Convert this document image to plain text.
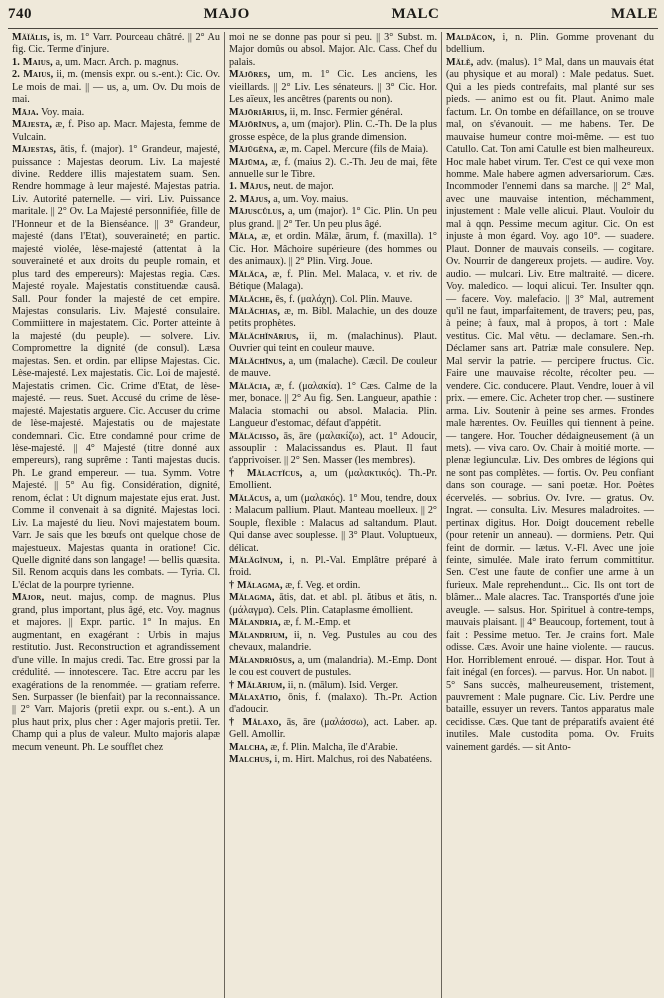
740	MAJO	MALC	MALE

Măĭălis, is, m. 1° Varr. Pourceau châtré. || 2° Au fig. Cic. Terme d'injure.

1. Maius, a, um. Macr. Arch. p. magnus.

2. Maius, ii, m. (mensis expr. ou s.-ent.): Cic. Ov. Le mois de mai. || — us, a, um. Ov. Du mois de mai.

Māja. Voy. maia.

Mājesta, æ, f. Piso ap. Macr. Majesta, femme de Vulcain.

Mājestas, ātis, f. (major). 1° Grandeur, majesté, puissance : Majestas deorum. Liv. La majesté divine. Reddere illis majestatem suam. Sen. Rendre hommage à leur majesté. Majestas patria. Liv. Autorité paternelle. — viri. Liv. Puissance maritale. || 2° Ov. La Majesté personnifiée, fille de l'Honneur et de la Bienséance. || 3° Grandeur, majesté (dans l'Etat), souveraineté; en partic. majesté violée, lèse-majesté (attentat à la souveraineté et aux droits du peuple romain, et plus tard des empereurs): Majestas regia. Cæs. Majesté royale. Majestatis constituendæ causâ. Sall. Pour fonder la majesté de cet empire. Majestas consularis. Liv. Majesté consulaire. Commiittere in majestatem. Cic. Porter atteinte à la majesté (du peuple). — solvere. Liv. Compromettre la dignité (de consul). Læsa majestas. Sen. et ordin. par ellipse Majestas. Cic. Lèse-majesté. Lex majestatis. Cic. Loi de majesté. Majestatis crimen. Cic. Crime d'Etat, de lèse-majesté. — reus. Suet. Accusé du crime de lèse-majesté. Majestatis arguere. Cic. Accuser du crime de lèse-majesté. Majestatis ou de majestate condemnari. Cic. Etre condamné pour crime de lèse-majesté. || 4° Majesté (titre donné aux empereurs), rang suprême : Tanti majestas ducis. Ph. Le grand empereur. — tua. Symm. Votre Majesté. || 5° Au fig. Considération, dignité, renom, éclat : Ut dignum majestate ejus erat. Just. Comme il convenait à sa dignité. Majestas loci. Liv. La majesté du lieu. Novi majestatem boum. Varr. Je sais que les bœufs ont quelque chose de majestueux. Majestas quanta in oratione! Cic. Quelle dignité dans son langage! — bellis quæsita. Sil. Renom acquis dans les combats. — Tyria. Cl. L'éclat de la pourpre tyrienne.

Mājor, neut. majus, comp. de magnus. Plus grand, plus important, plus âgé, etc. Voy. magnus et majores. || Expr. partic. 1° In majus. En augmentant, en exagérant : Urbis in majus restitutio. Just. Reconstruction et agrandissement d'une ville. In majus credi. Tac. Etre grossi par la crédulité. — innotescere. Tac. Etre accru par les exagérations de la renommée. — gratiam referre. Sen. Surpasser (le bienfait) par la reconnaissance. || 2° Varr. Majoris (pretii expr. ou s.-ent.). A un plus haut prix, plus cher : Ager majoris pretii. Ter. Champ qui a plus de valeur. Multo majoris alapæ mecum veneunt. Ph. Le soufflet chez

moi ne se donne pas pour si peu. || 3° Subst. m. Major domûs ou absol. Major. Alc. Cass. Chef du palais.

Mājōres, um, m. 1° Cic. Les anciens, les vieillards. || 2° Liv. Les sénateurs. || 3° Cic. Hor. Les aïeux, les ancêtres (parents ou non).

Mājōriārius, ii, m. Insc. Fermier général.

Mājōrīnus, a, um (major). Plin. C.-Th. De la plus grosse espèce, de la plus grande dimension.

Mājūgēna, æ, m. Capel. Mercure (fils de Maia).

Mājūma, æ, f. (maius 2). C.-Th. Jeu de mai, fête annuelle sur le Tibre.

1. Mājus, neut. de major.

2. Mājus, a, um. Voy. maius.

Mājuscŭlus, a, um (major). 1° Cic. Plin. Un peu plus grand. || 2° Ter. Un peu plus âgé.

Măla, æ, et ordin. Mālæ, ārum, f. (maxilla). 1° Cic. Hor. Mâchoire supérieure (des hommes ou des animaux). || 2° Plin. Virg. Joue.

Mălăca, æ, f. Plin. Mel. Malaca, v. et riv. de Bétique (Malaga).

Mălăche, ēs, f. (μαλάχη). Col. Plin. Mauve.

Mălăchias, æ, m. Bibl. Malachie, un des douze petits prophètes.

Mălăchĭnārius, ii, m. (malachinus). Plaut. Ouvrier qui teint en couleur mauve.

Mălăchīnus, a, um (malache). Cæcil. De couleur de mauve.

Mălăcia, æ, f. (μαλακία). 1° Cæs. Calme de la mer, bonace. || 2° Au fig. Sen. Langueur, apathie : Malacia stomachi ou absol. Malacia. Plin. Langueur d'estomac, défaut d'appétit.

Mălăcisso, ās, āre (μαλακίζω), act. 1° Adoucir, assouplir : Malacissandus es. Plaut. Il faut t'apprivoiser. || 2° Sen. Masser (les membres).

† Mălactĭcus, a, um (μαλακτικός). Th.-Pr. Emollient.

Mălăcus, a, um (μαλακός). 1° Mou, tendre, doux : Malacum pallium. Plaut. Manteau moelleux. || 2° Souple, flexible : Malacus ad saltandum. Plaut. Qui danse avec souplesse. || 3° Plaut. Voluptueux, délicat.

Mălăgĭnum, i, n. Pl.-Val. Emplâtre préparé à froid.

† Mălagma, æ, f. Veg. et ordin.

Mălagma, ātis, dat. et abl. pl. ătibus et ātis, n. (μάλαγμα). Cels. Plin. Cataplasme émollient.

Mălandria, æ, f. M.-Emp. et

Mălandrium, ii, n. Veg. Pustules au cou des chevaux, malandrie.

Mălandriōsus, a, um (malandria). M.-Emp. Dont le cou est couvert de pustules.

† Mălārium, ii, n. (mālum). Isid. Verger.

Mălaxātio, ōnis, f. (malaxo). Th.-Pr. Action d'adoucir.

† Mălaxo, ās, āre (μαλάσσω), act. Laber. ap. Gell. Amollir.

Malcha, æ, f. Plin. Malcha, île d'Arabie.

Malchus, i, m. Hirt. Malchus, roi des Nabatéens.

Maldăcon, i, n. Plin. Gomme provenant du bdellium.

Mălĕ, adv. (malus). 1° Mal, dans un mauvais état (au physique et au moral) : Male pedatus. Suet. Qui a les pieds contrefaits, mal planté sur ses pieds. — animo est ou fit. Plaut. Animo male factum. Lr. On tombe en défaillance, on se trouve mal, on s'évanouit. — me habens. Ter. De mauvaise humeur contre moi-même. — est tuo Catullo. Cat. Ton ami Catulle est bien malheureux. Hoc male habet virum. Ter. C'est ce qui vexe mon homme. Male habere agmen adversariorum. Cæs. Incommoder l'ennemi dans sa marche. || 2° Mal, avec une mauvaise intention, méchamment, injustement : Male velle alicui. Plaut. Vouloir du mal à qqn. Pessime mecum agitur. Cic. On est injuste à mon égard. Voy. ago 10°. — suadere. Plaut. Donner de mauvais conseils. — cogitare. Ov. Nourrir de dangereux projets. — audire. Voy. audio. — mulcari. Liv. Etre maltraité. — dicere. Voy. maledico. — loqui alicui. Ter. Insulter qqn. — facere. Voy. malefacio. || 3° Mal, autrement qu'il ne faut, imparfaitement, de travers; peu, pas, à peine; à faux, mal à propos, à tort : Male vestitus. Cic. Mal vêtu. — declamare. Sen.-rh. Déclamer sans art. Patriæ male consulere. Nep. Mal servir la patrie. — percipere fructus. Cic. Faire une mauvaise récolte, récolter peu. — vendere. Cic. conducere. Plaut. Vendre, louer à vil prix. — emere. Cic. Acheter trop cher. — sustinere arma. Liv. Soutenir à peine ses armes. Frondes male hærentes. Ov. Feuilles qui tiennent à peine. — tangere. Hor. Toucher dédaigneusement (à un mets). — viva caro. Ov. Chair à moitié morte. — plenæ legiunculæ. Liv. Des ombres de légions qui ne sont pas complètes. — fortis. Ov. Peu confiant dans son courage. — sani poetæ. Hor. Poètes écervelés. — sobrius. Ov. Ivre. — gratus. Ov. Ingrat. — consulta. Liv. Mesures maladroites. — pertinax digitus. Hor. Doigt doucement rebelle (pour retenir un anneau). — dormiens. Petr. Qui feint de dormir. — lætus. V.-Fl. Avec une joie feinte, simulée. Male irato ferrum committitur. Sen. C'est une faute de confier une arme à un furieux. Male reprehendunt... Cic. Ils ont tort de blâmer... Male alacres. Tac. Transportés d'une joie aveugle. — salsus. Hor. Spirituel à contre-temps, mauvais plaisant. || 4° Beaucoup, fortement, tout à fait : Pessime metuo. Ter. Je crains fort. Male odisse. Cæs. Avoir une haine violente. — raucus. Hor. Horriblement enroué. — dispar. Hor. Tout à fait inégal (en forces). — parvus. Hor. Un nabot. || 5° Sans succès, malheureusement, tristement, pauvrement : Male pugnare. Cic. Liv. Perdre une bataille, essuyer un revers. Tantos apparatus male cecidisse. Cæs. Que tant de préparatifs avaient été inutiles. Male custodita poma. Ov. Fruits vainement gardés. — sit Anto-
